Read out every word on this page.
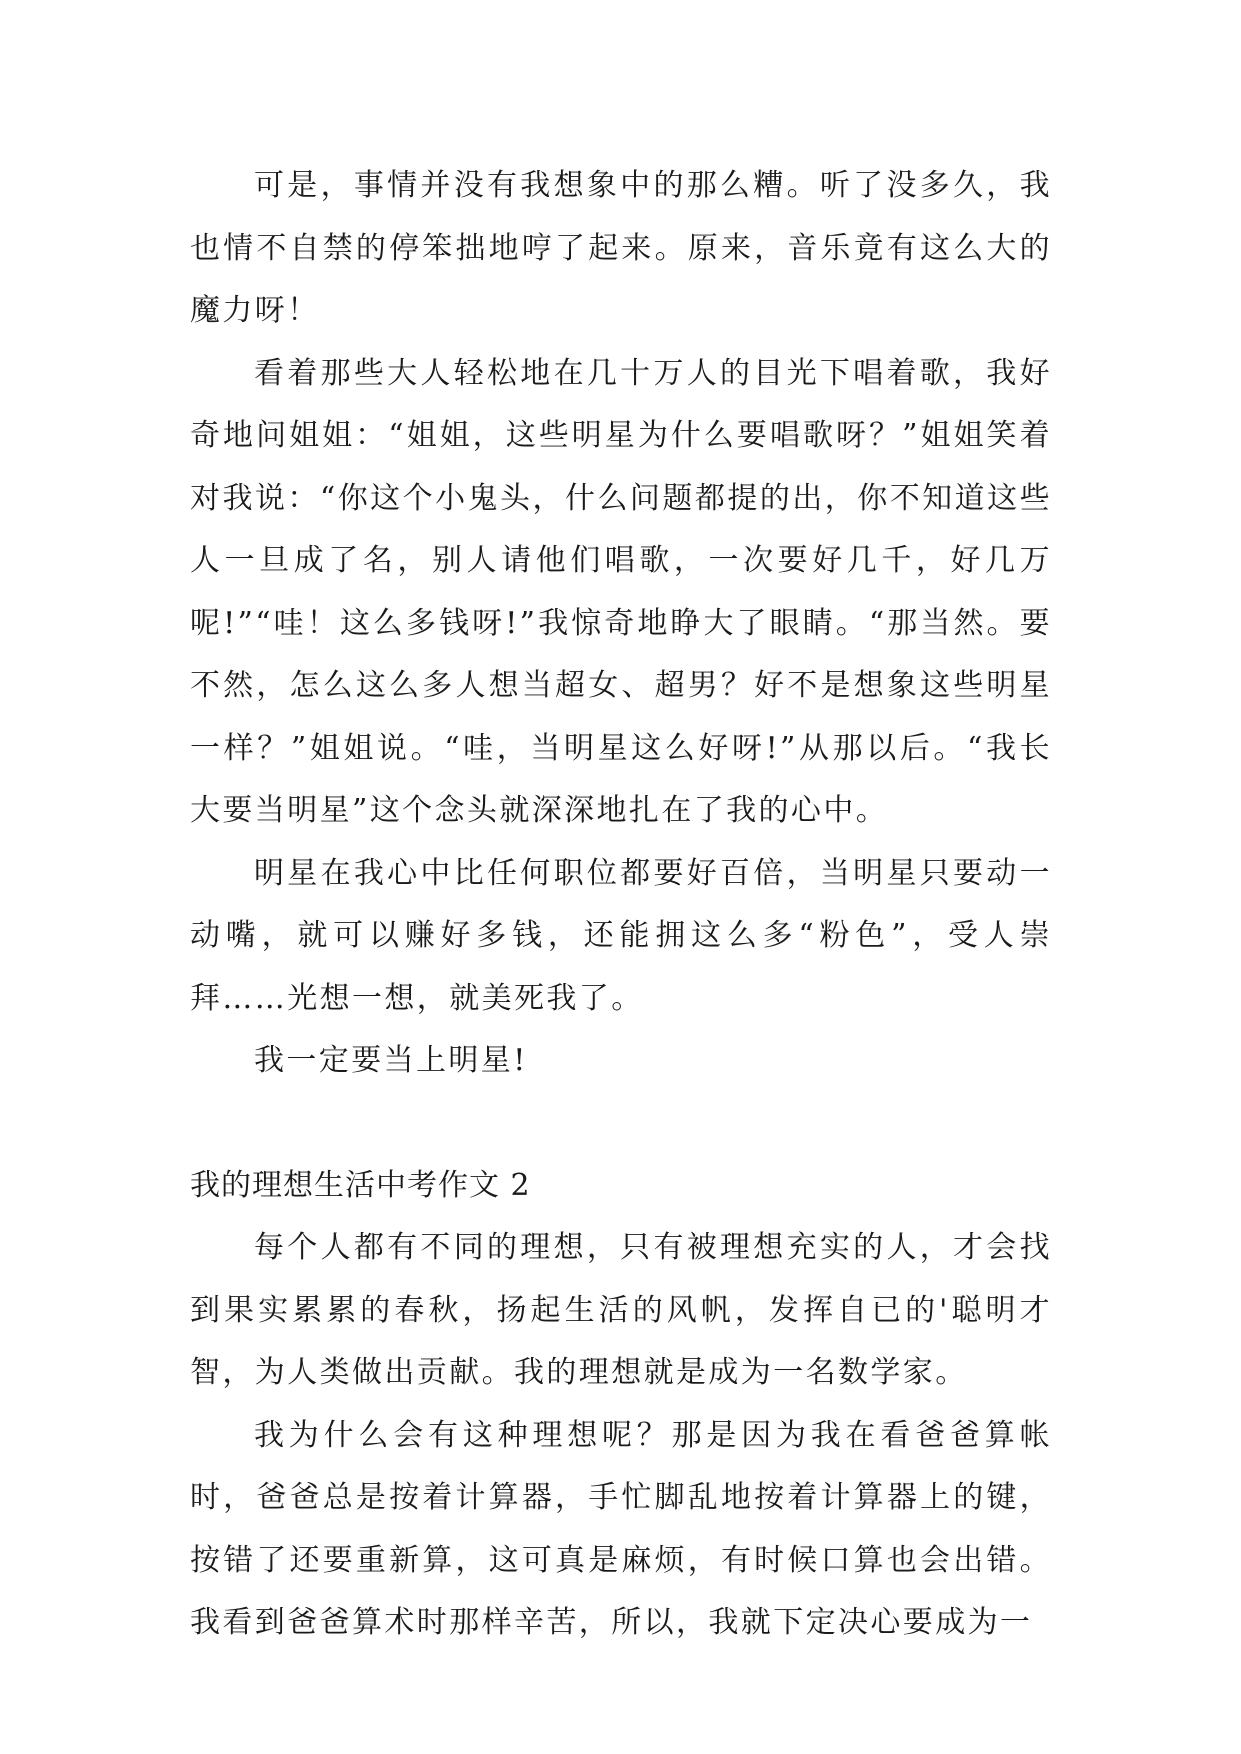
可是，事情并没有我想象中的那么糟。听了没多久，我也情不自禁的停笨拙地哼了起来。原来，音乐竟有这么大的魔力呀！

看着那些大人轻松地在几十万人的目光下唱着歌，我好奇地问姐姐：“姐姐，这些明星为什么要唱歌呀？”姐姐笑着对我说：“你这个小鬼头，什么问题都提的出，你不知道这些人一旦成了名，别人请他们唱歌，一次要好几千，好几万呢!”“哇！这么多钱呀!”我惊奇地睁大了眼睛。“那当然。要不然，怎么这么多人想当超女、超男？好不是想象这些明星一样？”姐姐说。“哇，当明星这么好呀!”从那以后。“我长大要当明星”这个念头就深深地扎在了我的心中。

明星在我心中比任何职位都要好百倍，当明星只要动一动嘴，就可以赚好多钱，还能拥这么多“粉色”，受人崇拜……光想一想，就美死我了。

我一定要当上明星!

我的理想生活中考作文 2

每个人都有不同的理想，只有被理想充实的人，才会找到果实累累的春秋，扬起生活的风帆，发挥自已的'聪明才智，为人类做出贡献。我的理想就是成为一名数学家。

我为什么会有这种理想呢？那是因为我在看爸爸算帐时，爸爸总是按着计算器，手忙脚乱地按着计算器上的键，按错了还要重新算，这可真是麻烦，有时候口算也会出错。我看到爸爸算术时那样辛苦，所以，我就下定决心要成为一
